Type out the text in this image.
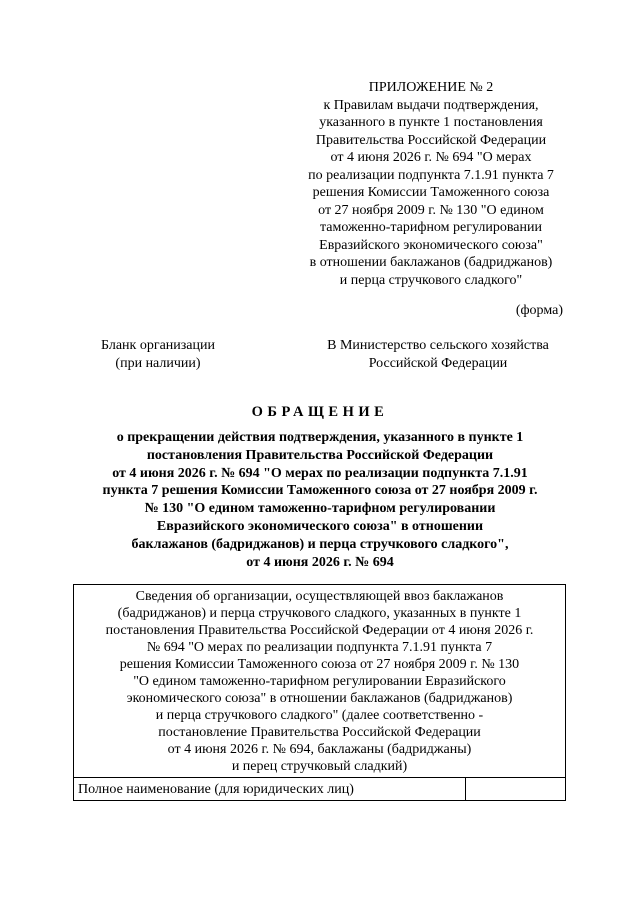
ПРИЛОЖЕНИЕ № 2
к Правилам выдачи подтверждения,
указанного в пункте 1 постановления
Правительства Российской Федерации
от 4 июня 2026 г. № 694 "О мерах
по реализации подпункта 7.1.91 пункта 7
решения Комиссии Таможенного союза
от 27 ноября 2009 г. № 130 "О едином
таможенно-тарифном регулировании
Евразийского экономического союза"
в отношении баклажанов (бадриджанов)
и перца стручкового сладкого"
(форма)
Бланк организации
(при наличии)
В Министерство сельского хозяйства
Российской Федерации
ОБРАЩЕНИЕ
о прекращении действия подтверждения, указанного в пункте 1
постановления Правительства Российской Федерации
от 4 июня 2026 г. № 694 "О мерах по реализации подпункта 7.1.91
пункта 7 решения Комиссии Таможенного союза от 27 ноября 2009 г.
№ 130 "О едином таможенно-тарифном регулировании
Евразийского экономического союза" в отношении
баклажанов (бадриджанов) и перца стручкового сладкого",
от 4 июня 2026 г. № 694
Сведения об организации, осуществляющей ввоз баклажанов
(бадриджанов) и перца стручкового сладкого, указанных в пункте 1
постановления Правительства Российской Федерации от 4 июня 2026 г.
№ 694 "О мерах по реализации подпункта 7.1.91 пункта 7
решения Комиссии Таможенного союза от 27 ноября 2009 г. № 130
"О едином таможенно-тарифном регулировании Евразийского
экономического союза" в отношении баклажанов (бадриджанов)
и перца стручкового сладкого" (далее соответственно -
постановление Правительства Российской Федерации
от 4 июня 2026 г. № 694, баклажаны (бадриджаны)
и перец стручковый сладкий)

Полное наименование (для юридических лиц)	
